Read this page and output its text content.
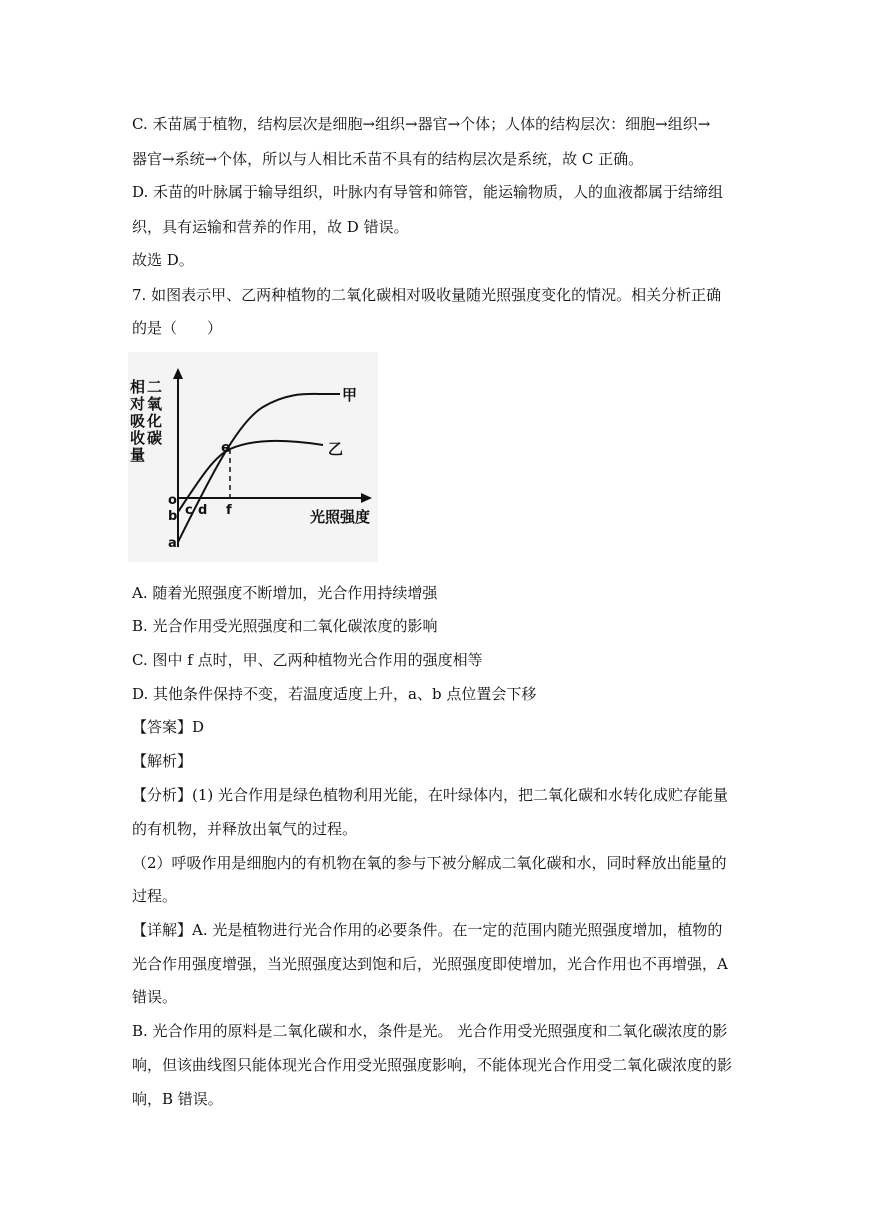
C. 禾苗属于植物，结构层次是细胞→组织→器官→个体；人体的结构层次：细胞→组织→
器官→系统→个体，所以与人相比禾苗不具有的结构层次是系统，故 C 正确。
D. 禾苗的叶脉属于输导组织，叶脉内有导管和筛管，能运输物质，人的血液都属于结缔组
织，具有运输和营养的作用，故 D 错误。
故选 D。
7. 如图表示甲、乙两种植物的二氧化碳相对吸收量随光照强度变化的情况。相关分析正确
的是（　　）
二 氧 化 碳
相 对 吸 收 量
甲
乙
o
b c d
e
f
a
光照强度
A. 随着光照强度不断增加，光合作用持续增强
B. 光合作用受光照强度和二氧化碳浓度的影响
C. 图中 f 点时，甲、乙两种植物光合作用的强度相等
D. 其他条件保持不变，若温度适度上升，a、b 点位置会下移
【答案】D
【解析】
【分析】(1) 光合作用是绿色植物利用光能，在叶绿体内，把二氧化碳和水转化成贮存能量
的有机物，并释放出氧气的过程。
（2）呼吸作用是细胞内的有机物在氧的参与下被分解成二氧化碳和水，同时释放出能量的
过程。
【详解】A. 光是植物进行光合作用的必要条件。在一定的范围内随光照强度增加，植物的
光合作用强度增强，当光照强度达到饱和后，光照强度即使增加，光合作用也不再增强，A
错误。
B. 光合作用的原料是二氧化碳和水，条件是光。 光合作用受光照强度和二氧化碳浓度的影
响，但该曲线图只能体现光合作用受光照强度影响，不能体现光合作用受二氧化碳浓度的影
响，B 错误。
